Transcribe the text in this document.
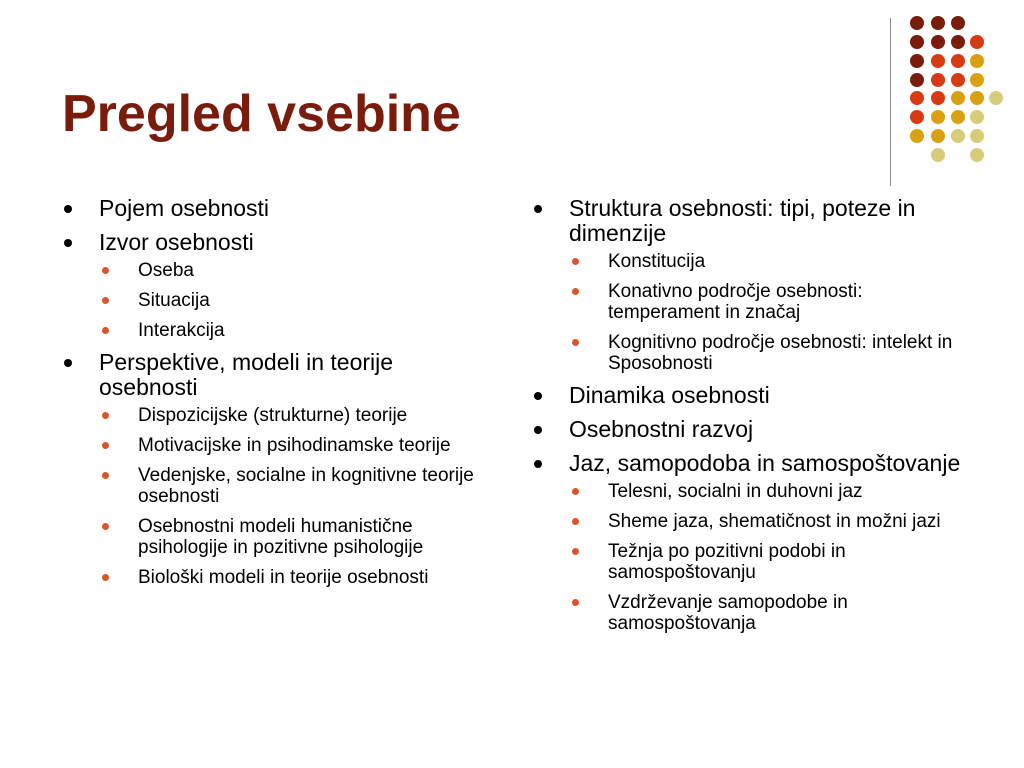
Pregled vsebine
Pojem osebnosti
Izvor osebnosti
Oseba
Situacija
Interakcija
Perspektive, modeli in teorije osebnosti
Dispozicijske (strukturne) teorije
Motivacijske in psihodinamske teorije
Vedenjske, socialne in kognitivne teorije osebnosti
Osebnostni modeli humanistične psihologije in pozitivne psihologije
Biološki modeli in teorije osebnosti
Struktura osebnosti: tipi, poteze in dimenzije
Konstitucija
Konativno področje osebnosti: temperament in značaj
Kognitivno področje osebnosti: intelekt in Sposobnosti
Dinamika osebnosti
Osebnostni razvoj
Jaz, samopodoba in samospoštovanje
Telesni, socialni in duhovni jaz
Sheme jaza, shematičnost in možni jazi
Težnja po pozitivni podobi in samospoštovanju
Vzdrževanje samopodobe in samospoštovanja
